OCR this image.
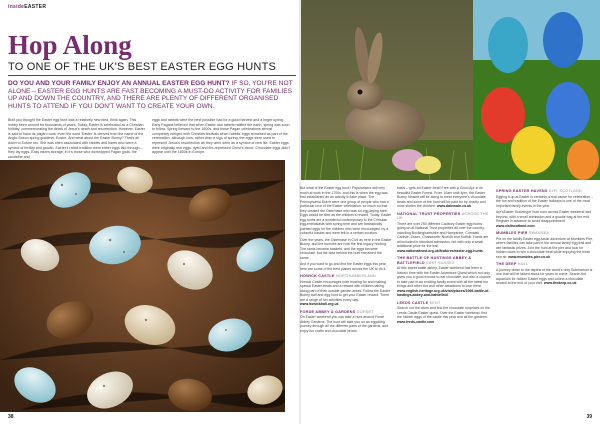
insideEASTER
Hop Along
TO ONE OF THE UK'S BEST EASTER EGG HUNTS
DO YOU AND YOUR FAMILY ENJOY AN ANNUAL EASTER EGG HUNT? IF SO, YOU'RE NOT ALONE – EASTER EGG HUNTS ARE FAST BECOMING A MUST-DO ACTIVITY FOR FAMILIES UP AND DOWN THE COUNTRY, AND THERE ARE PLENTY OF DIFFERENT ORGANISED HUNTS TO ATTEND IF YOU DON'T WANT TO CREATE YOUR OWN.
Built you thought the Easter egg hunt was a relatively new idea, think again. This hobby been around for thousands of years. Today, Easter is celebrated as a Christian holiday, commemorating the death of Jesus's death and resurrection. However, Easter is said to have its pagan roots; even the word 'Easter' is derived from the name of the Anglo-Saxon spring goddess, Eostre. And what about the Easter Bunny? That's all down to Eostre too. She was often associated with rabbits and hares who were a symbol of fertility and growth. Easter's rabbit tradition were either eggs laid through – they lay eggs. Easy eaves storage; in it's those who worshipped Pagan gods, the caudsthe and
eggs and rabbits were the best possible had for a good harvest and a bright spring. Early Pagans believed that when Easter and rabbits ratified the earth, spring was soon to follow. Spring forward to the 1600s, and these Pagan celebrations almost completely merged with Christian festivals when rabbits' eggs remained as part of the celebration, although now, rather than a sign of spring, the eggs were used to represent Jesus's resurrection as they were seen as a symbol of new life. Easter eggs were originally real eggs, dyed and fire-repressed Christ's blood. Chocolate eggs didn't appear until the 1800s in Europe.

But what of the Easter egg hunt? Popularisers still very much at work in the 1700s, and this is when the egg was first established as an activity to take place. The Pennsylvania Dutch were one group of people who had a particular love of the Easter celebration, so much so that they created the Osterhase who was an egg-laying hare. Eggs would be tiled as the children's reward. Today, Easter egg hunts are a wonderful contemporary to the Christian egg-enthusiasts with spring time and are fantastically painted eggs for the children who were encouraged, by a colourful basket and were left in a certain location.

Over the years, the Osterhase in Civil as here in the Easter Bunny, and the bunnies are now the first legacy hunting. The cards became baskets, and the eggs became chocolate, but the idea behind the hunt remained the same.

And if you want to go and find the Easter eggs this year, here are some of the best places across the UK to do it.

HOWICK CASTLE NORTHUMBERLAND

Howick Castle encourages both hunting for and making special Easter treats and a reward with children taking along part of their outside garden areas. Follow the Easter Bunny trail and egg hunt to get your Easter reward. There are a range of fun activities every day. www.howickhall.org.uk

FORDE ABBEY & GARDENS DORSET

On Easter weekend you can take a hunt around Forde Abbey Gardens. The hunt will take you on an eggciting journey through all the different parts of the gardens, and enjoy fun crafts and chocolate prizes.

basis – gets an Easter treat! Free with a Good Apr in its beautiful Easter Forest. From 10am until 4pm, the Easter Bunny himself will be along to meet everyone's chocolate treats and some of the hunt will be paid for by charity and mine stories the children. www.dalemain.co.uk

NATIONAL TRUST PROPERTIES ACROSS THE UK

There are over 250 different Cadbury Easter egg hunts going on at National Trust properties all over the country, including Buckinghamshire and Hampshire, Cornwall Carlisle, Essex, Chatsworth, Norfolk and Suffolk. Hunts are all included in standard admission, but with only a small additional price for the trail. www.nationaltrust.org.uk/features/easter-egg-hunts

THE BATTLE OF HASTINGS ABBEY & BATTLEFIELD EAST SUSSEX

At this sweet battle abbey, Easter weekend has been a historic time with the Easter Adventure Quest which not only gives you a good excuse to eat chocolate, but also a chance to take part in an exciting family event with all the latest fun things and other fun and other attractions to love there. www.english-heritage.org.uk/visit/places/1066-battle-of-hastings-abbey-and-battlefield

LEEDS CASTLE KENT

Search out the clues and find the chocolate surprises on the Leeds Castle Easter quest. Over the Easter weekend, find the hidden eggs of the castle this year and all the gardens. www.leeds-castle.com

SPRING EASTER HAVENS AYR, SCOTLAND

Egging it up at Easter is certainly a real cause for celebration – the fun and tradition of the Easter holidays is one of the most important family events in the year.

Ayr'sEaster Scavenger hunt runs across Easter weekend and beyond, with a small admission and a goodie bag at the end. Register in advance to avoid disappointment. www.visitscotland.com

MUMBLES PIER SWANSEA

Put on the family Easter egg-tastic adventure at Mumbles Pier, where families can take part in the annual family egg trail and win fantastic prizes. Join the hunt at the pier and look for hidden clues to win a chocolate treat while enjoying the fresh sea air. www.mumbles-pier.co.uk

THE DEEP HULL

A journey down to the depths of the world's only Submarium is one that will be talked about for years to come. Search the aquarium for hidden Easter eggs and collect a chocolate reward at the end of your visit. www.thedeep.co.uk

38	39
